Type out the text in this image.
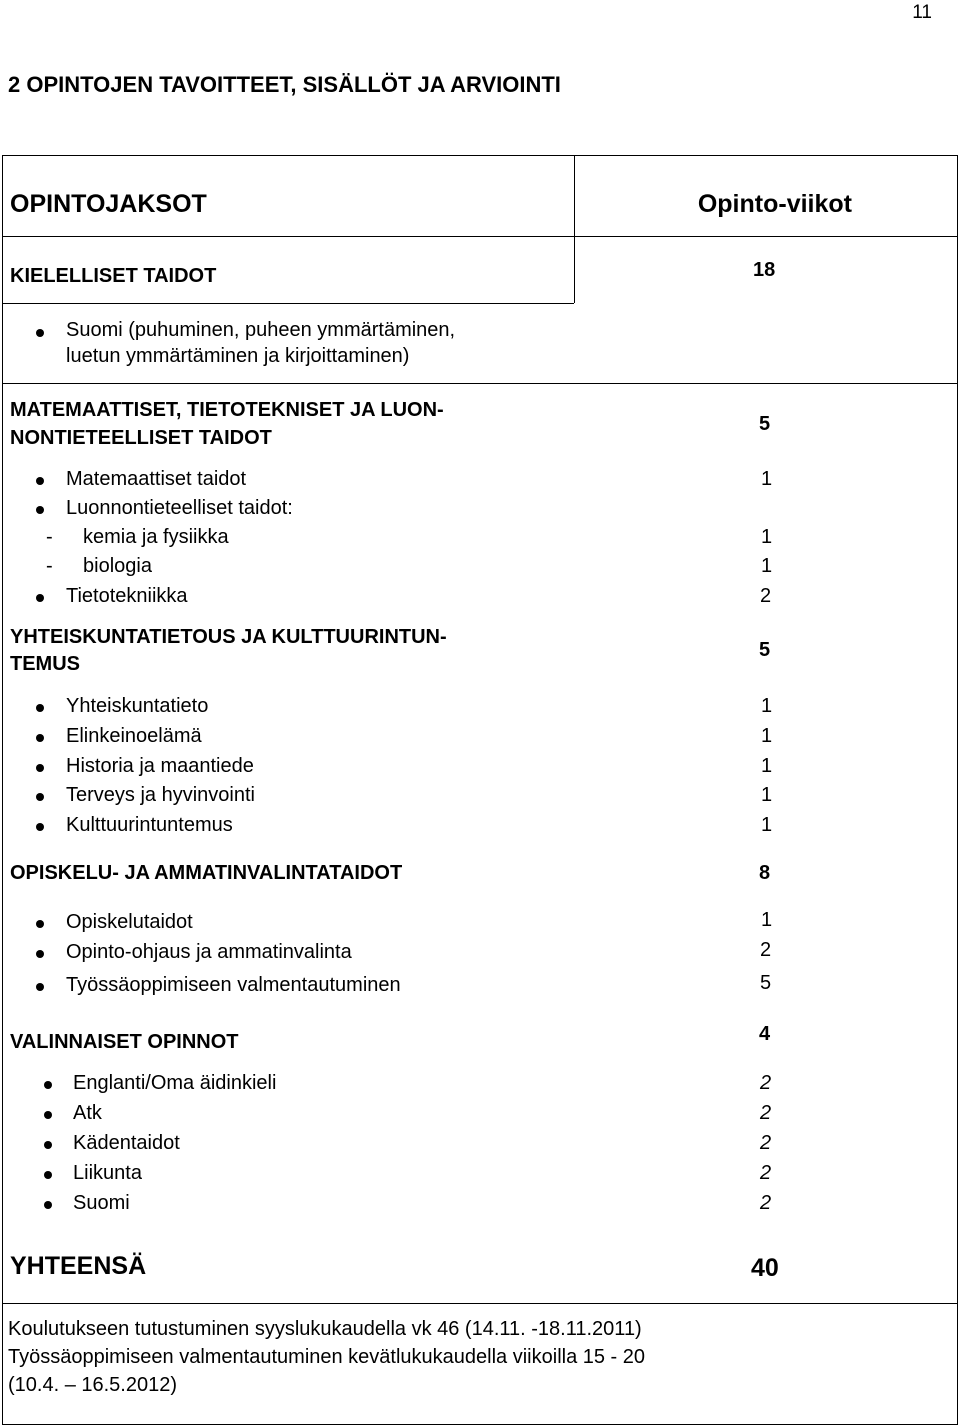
11
2 OPINTOJEN TAVOITTEET, SISÄLLÖT JA ARVIOINTI
OPINTOJAKSOT	Opinto-viikot
KIELELLISET TAIDOT	18
Suomi (puhuminen, puheen ymmärtäminen,
luetun ymmärtäminen ja kirjoittaminen)
MATEMAATTISET, TIETOTEKNISET JA LUON-
NONTIETEELLISET TAIDOT
5
Matemaattiset taidot	1
Luonnontieteelliset taidot:
- kemia ja fysiikka	1
- biologia	1
Tietotekniikka	2
YHTEISKUNTATIETOUS JA KULTTUURINTUN-
TEMUS
5
Yhteiskuntatieto	1
Elinkeinoelämä	1
Historia ja maantiede	1
Terveys ja hyvinvointi	1
Kulttuurintuntemus	1
OPISKELU- JA AMMATINVALINTATAIDOT	8
Opiskelutaidot	1
Opinto-ohjaus ja ammatinvalinta	2
Työssäoppimiseen valmentautuminen	5
VALINNAISET OPINNOT	4
Englanti/Oma äidinkieli	2
Atk	2
Kädentaidot	2
Liikunta	2
Suomi	2
YHTEENSÄ	40
Koulutukseen tutustuminen syyslukukaudella vk 46 (14.11. -18.11.2011)
Työssäoppimiseen valmentautuminen kevätlukukaudella viikoilla 15 - 20
(10.4. – 16.5.2012)
